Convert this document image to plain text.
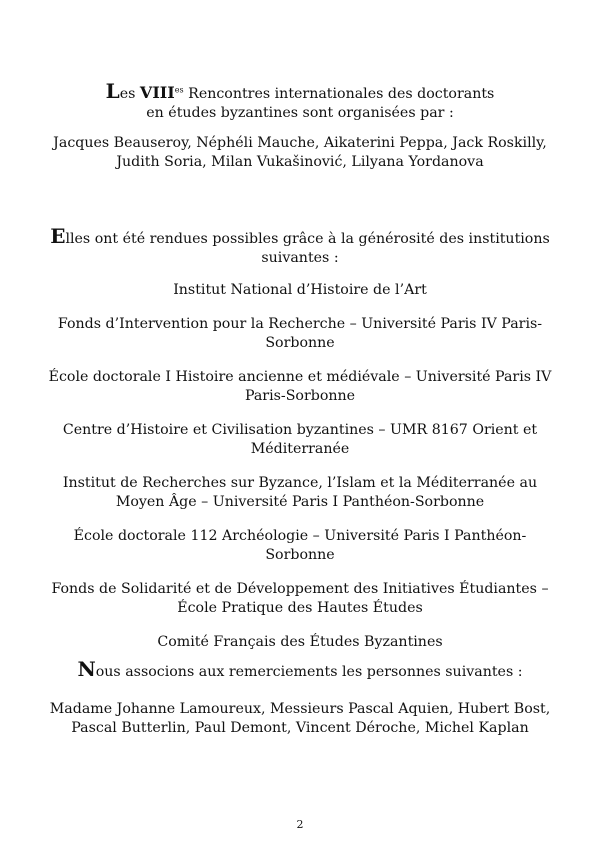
Les $VIII^{es}$ Rencontres internationales des doctorants
en études byzantines sont organisées par :
Jacques Beauseroy, Néphéli Mauche, Aikaterini Peppa, Jack Roskilly, Judith Soria, Milan Vukašinović, Lilyana Yordanova
Elles ont été rendues possibles grâce à la générosité des institutions suivantes :
Institut National d’Histoire de l’Art
Fonds d’Intervention pour la Recherche – Université Paris IV Paris-Sorbonne
École doctorale I Histoire ancienne et médiévale – Université Paris IV Paris-Sorbonne
Centre d’Histoire et Civilisation byzantines – UMR 8167 Orient et Méditerranée
Institut de Recherches sur Byzance, l’Islam et la Méditerranée au Moyen Âge – Université Paris I Panthéon-Sorbonne
École doctorale 112 Archéologie – Université Paris I Panthéon-Sorbonne
Fonds de Solidarité et de Développement des Initiatives Étudiantes – École Pratique des Hautes Études
Comité Français des Études Byzantines
Nous associons aux remerciements les personnes suivantes :
Madame Johanne Lamoureux, Messieurs Pascal Aquien, Hubert Bost, Pascal Butterlin, Paul Demont, Vincent Déroche, Michel Kaplan
2
